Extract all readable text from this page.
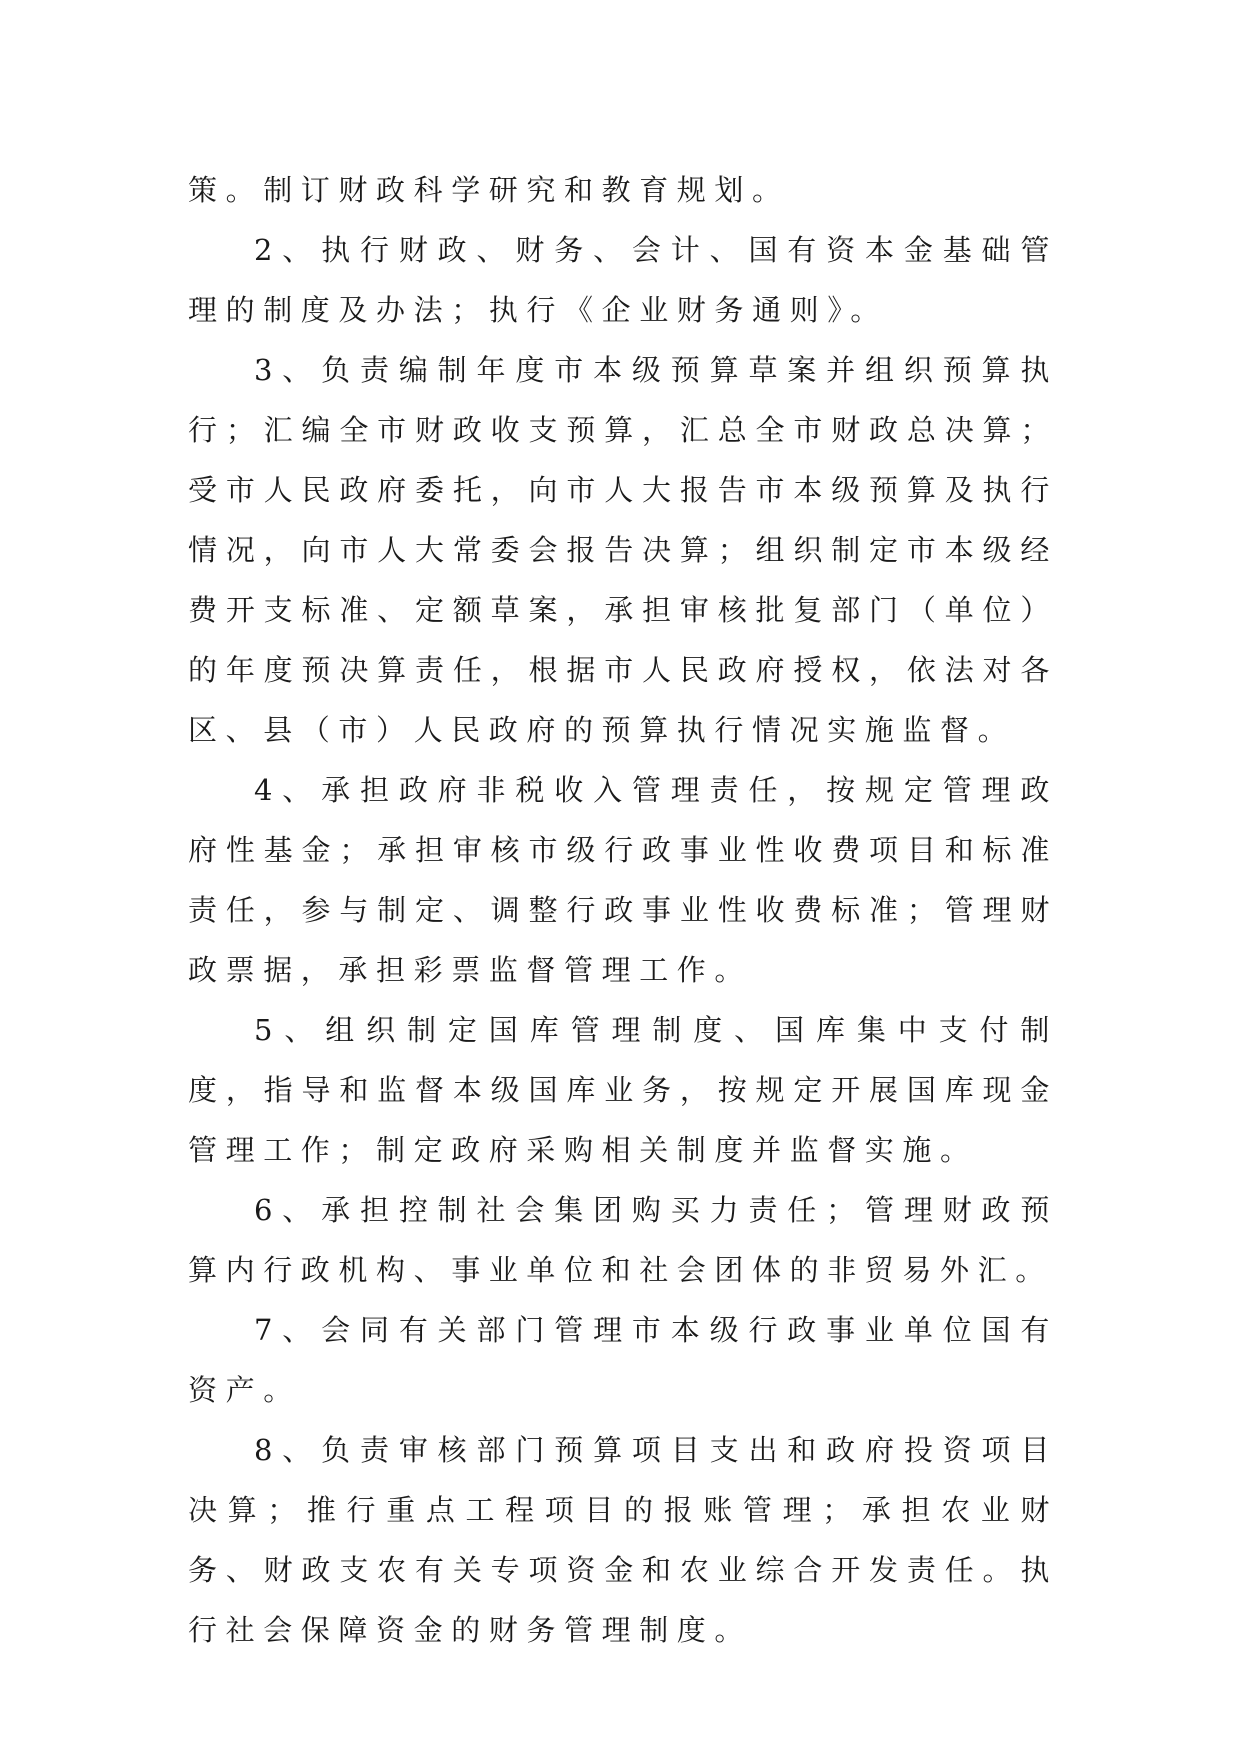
策。制订财政科学研究和教育规划。

2、执行财政、财务、会计、国有资本金基础管理的制度及办法；执行《企业财务通则》。

3、负责编制年度市本级预算草案并组织预算执行；汇编全市财政收支预算，汇总全市财政总决算；受市人民政府委托，向市人大报告市本级预算及执行情况，向市人大常委会报告决算；组织制定市本级经费开支标准、定额草案，承担审核批复部门（单位）的年度预决算责任，根据市人民政府授权，依法对各区、县（市）人民政府的预算执行情况实施监督。

4、承担政府非税收入管理责任，按规定管理政府性基金；承担审核市级行政事业性收费项目和标准责任，参与制定、调整行政事业性收费标准；管理财政票据，承担彩票监督管理工作。

5、组织制定国库管理制度、国库集中支付制度，指导和监督本级国库业务，按规定开展国库现金管理工作；制定政府采购相关制度并监督实施。

6、承担控制社会集团购买力责任；管理财政预算内行政机构、事业单位和社会团体的非贸易外汇。

7、会同有关部门管理市本级行政事业单位国有资产。

8、负责审核部门预算项目支出和政府投资项目决算；推行重点工程项目的报账管理；承担农业财务、财政支农有关专项资金和农业综合开发责任。执行社会保障资金的财务管理制度。
